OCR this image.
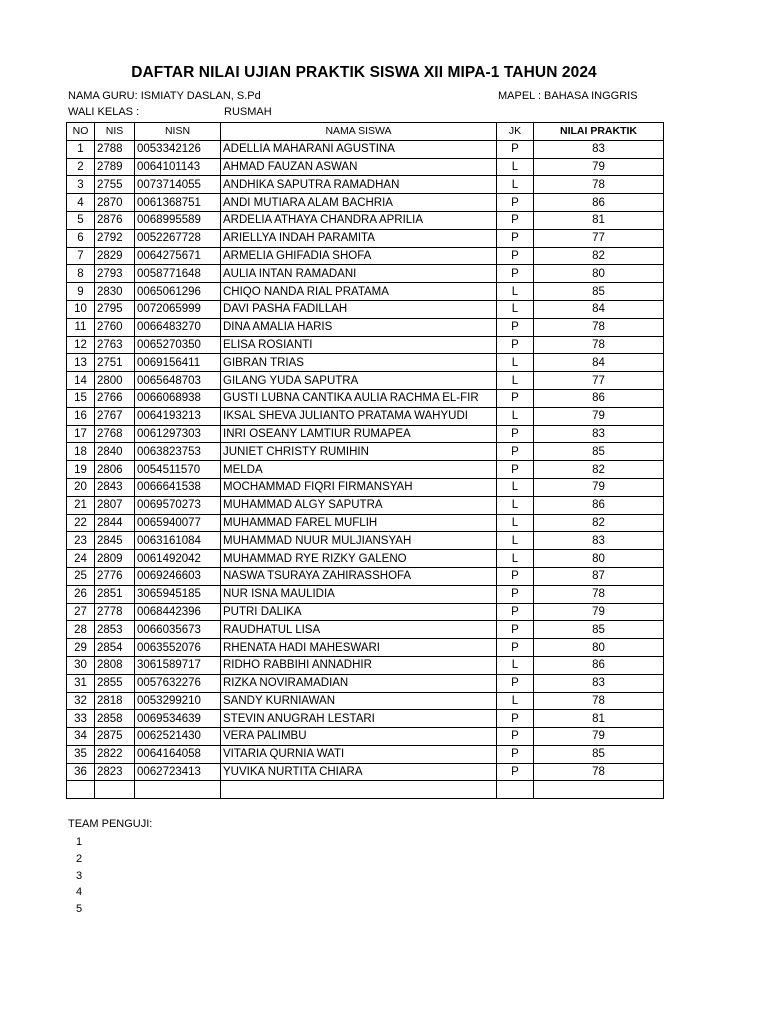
DAFTAR NILAI UJIAN PRAKTIK SISWA XII MIPA-1 TAHUN 2024
NAMA GURU: ISMIATY DASLAN, S.Pd	MAPEL : BAHASA INGGRIS
WALI KELAS :	RUSMAH
NO	NIS	NISN	NAMA SISWA	JK	NILAI PRAKTIK
1	2788	0053342126	ADELLIA MAHARANI AGUSTINA	P	83
2	2789	0064101143	AHMAD FAUZAN ASWAN	L	79
3	2755	0073714055	ANDHIKA SAPUTRA RAMADHAN	L	78
4	2870	0061368751	ANDI MUTIARA ALAM BACHRIA	P	86
5	2876	0068995589	ARDELIA ATHAYA CHANDRA APRILIA	P	81
6	2792	0052267728	ARIELLYA INDAH PARAMITA	P	77
7	2829	0064275671	ARMELIA GHIFADIA SHOFA	P	82
8	2793	0058771648	AULIA INTAN RAMADANI	P	80
9	2830	0065061296	CHIQO NANDA RIAL PRATAMA	L	85
10	2795	0072065999	DAVI PASHA FADILLAH	L	84
11	2760	0066483270	DINA AMALIA HARIS	P	78
12	2763	0065270350	ELISA ROSIANTI	P	78
13	2751	0069156411	GIBRAN TRIAS	L	84
14	2800	0065648703	GILANG YUDA SAPUTRA	L	77
15	2766	0066068938	GUSTI LUBNA CANTIKA AULIA RACHMA EL-FIR	P	86
16	2767	0064193213	IKSAL SHEVA JULIANTO PRATAMA WAHYUDI	L	79
17	2768	0061297303	INRI OSEANY LAMTIUR RUMAPEA	P	83
18	2840	0063823753	JUNIET CHRISTY RUMIHIN	P	85
19	2806	0054511570	MELDA	P	82
20	2843	0066641538	MOCHAMMAD FIQRI FIRMANSYAH	L	79
21	2807	0069570273	MUHAMMAD ALGY SAPUTRA	L	86
22	2844	0065940077	MUHAMMAD FAREL MUFLIH	L	82
23	2845	0063161084	MUHAMMAD NUUR MULJIANSYAH	L	83
24	2809	0061492042	MUHAMMAD RYE RIZKY GALENO	L	80
25	2776	0069246603	NASWA TSURAYA ZAHIRASSHOFA	P	87
26	2851	3065945185	NUR ISNA MAULIDIA	P	78
27	2778	0068442396	PUTRI DALIKA	P	79
28	2853	0066035673	RAUDHATUL LISA	P	85
29	2854	0063552076	RHENATA HADI MAHESWARI	P	80
30	2808	3061589717	RIDHO RABBIHI ANNADHIR	L	86
31	2855	0057632276	RIZKA NOVIRAMADIAN	P	83
32	2818	0053299210	SANDY KURNIAWAN	L	78
33	2858	0069534639	STEVIN ANUGRAH LESTARI	P	81
34	2875	0062521430	VERA PALIMBU	P	79
35	2822	0064164058	VITARIA QURNIA WATI	P	85
36	2823	0062723413	YUVIKA NURTITA CHIARA	P	78

TEAM PENGUJI:
1
2
3
4
5
